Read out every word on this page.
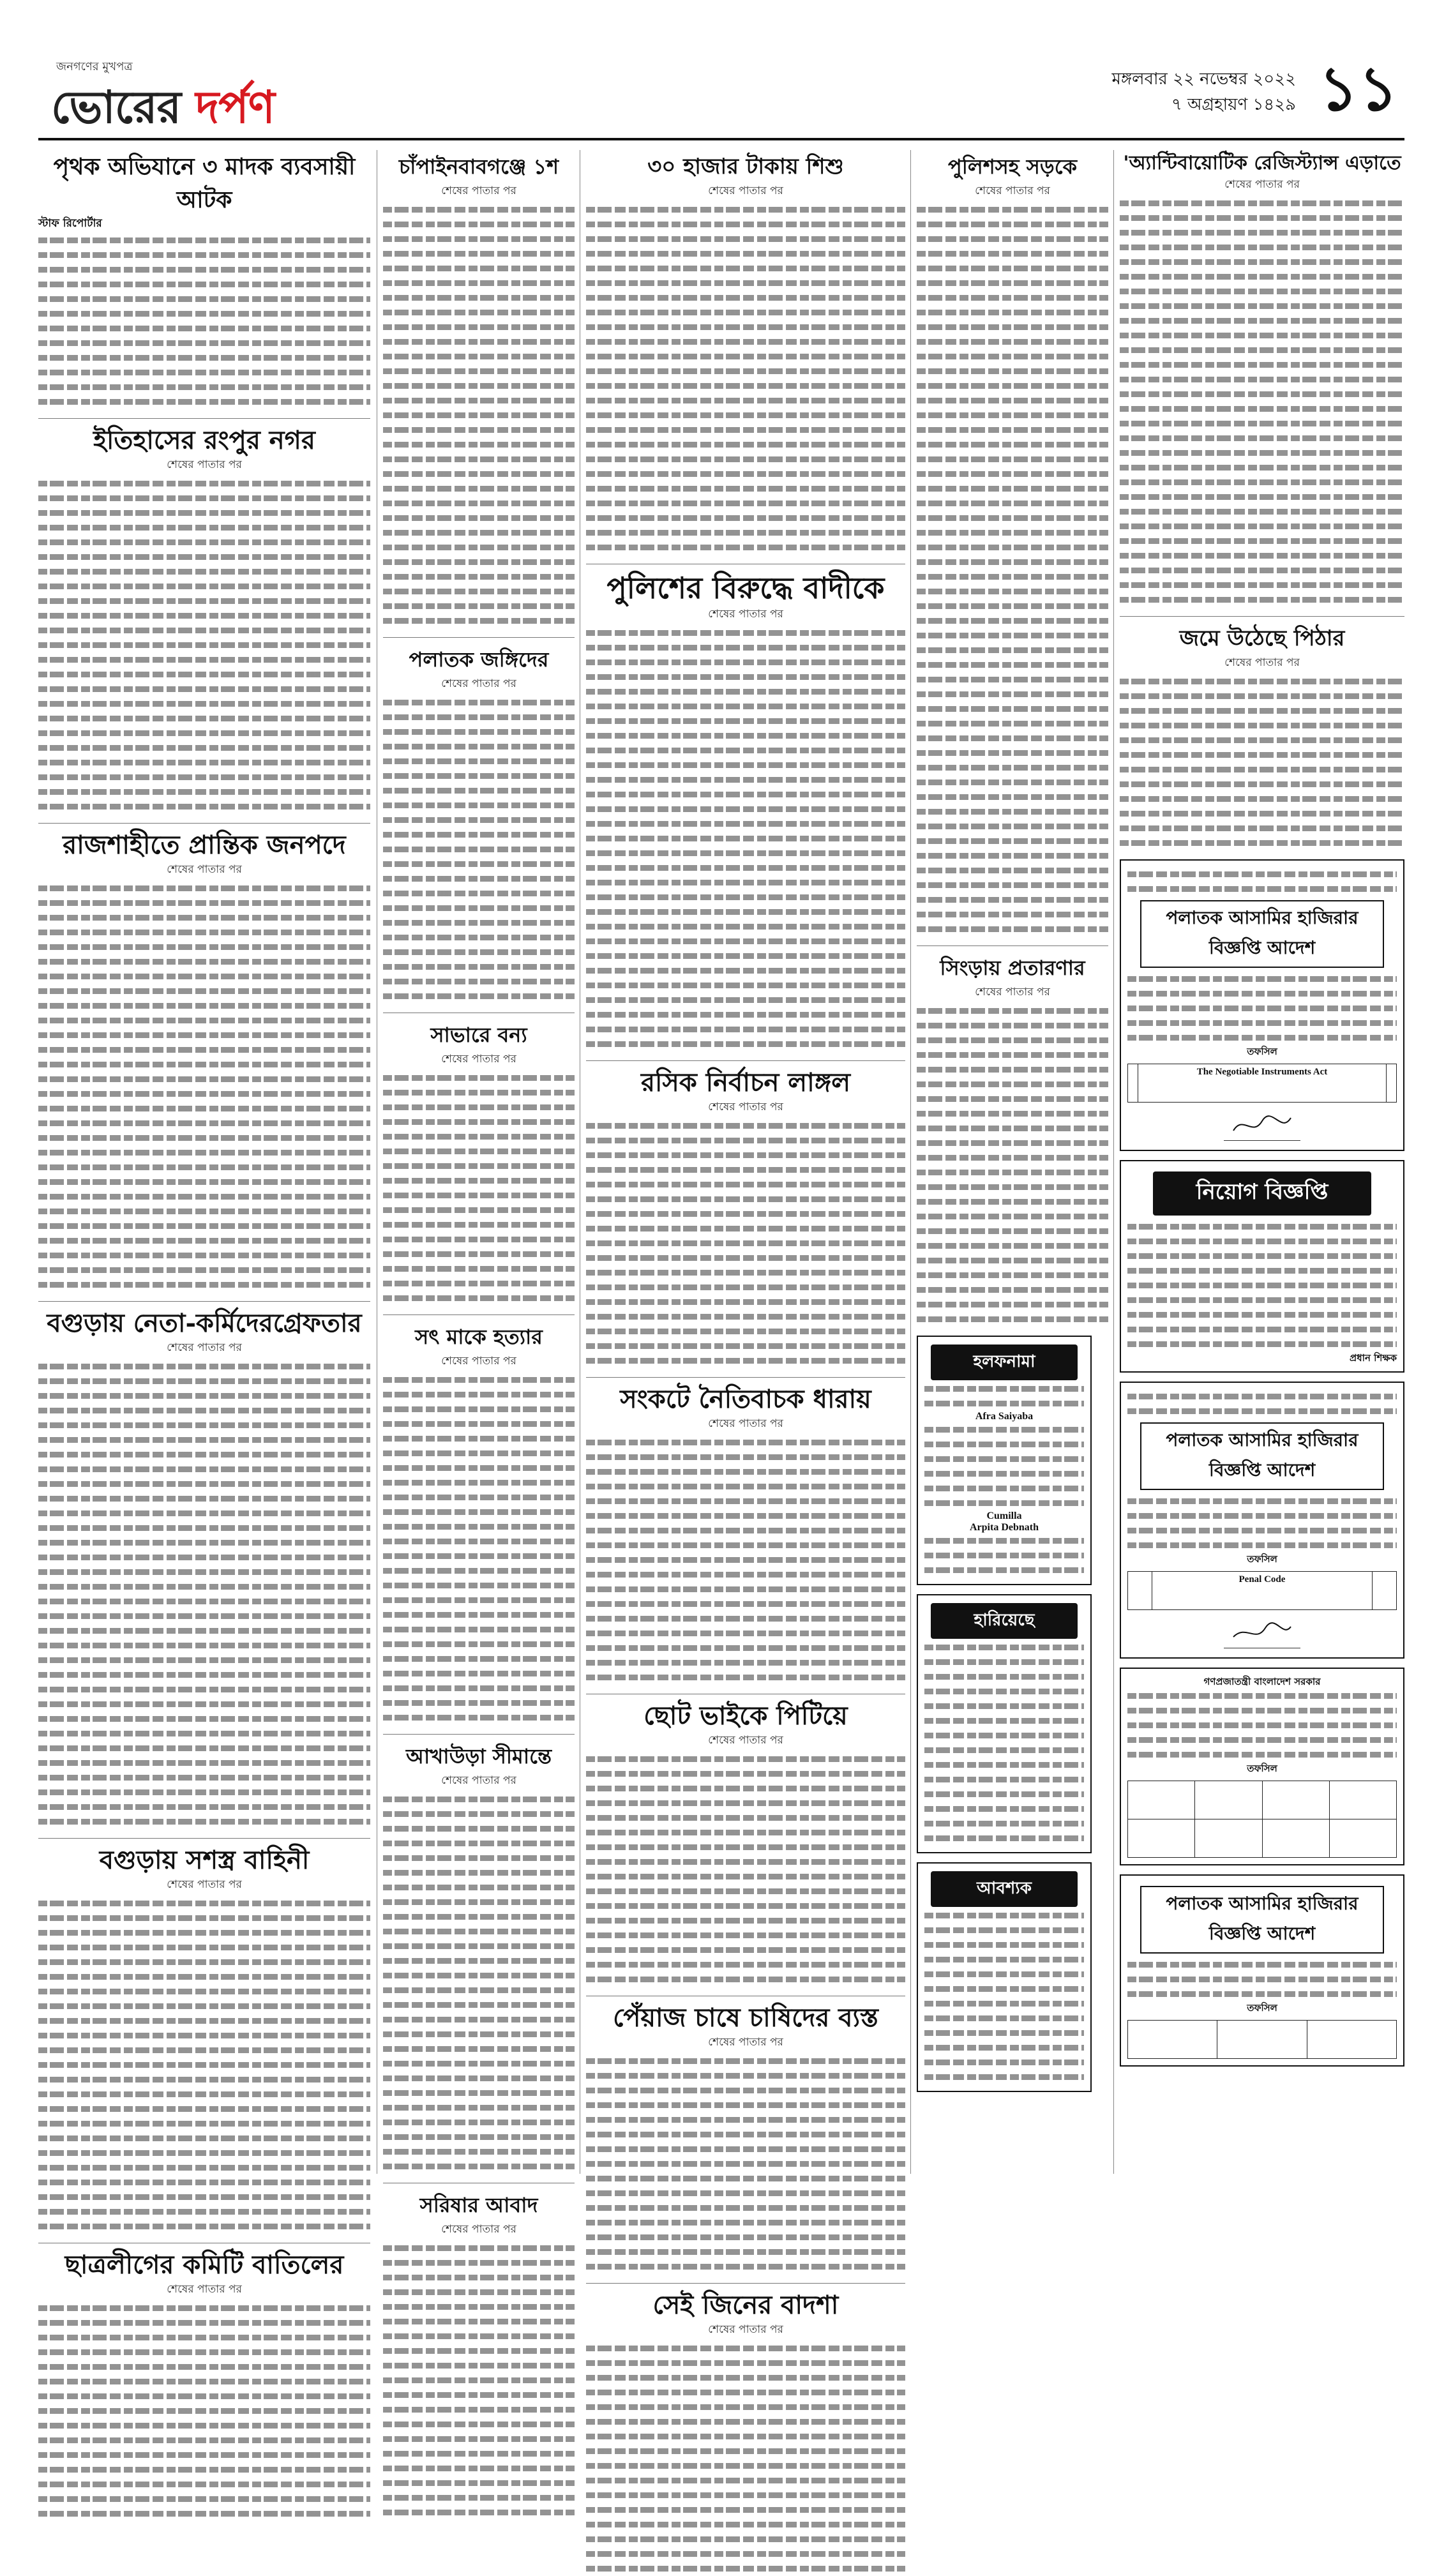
জনগণের মুখপত্র
ভোরের দর্পণ
মঙ্গলবার ২২ নভেম্বর ২০২২
৭ অগ্রহায়ণ ১৪২৯ ১১
পৃথক অভিযানে ৩ মাদক ব্যবসায়ী আটক
স্টাফ রিপোর্টার
ইতিহাসের রংপুর নগর
শেষের পাতার পর
রাজশাহীতে প্রান্তিক জনপদে
শেষের পাতার পর
বগুড়ায় নেতা-কর্মিদেরগ্রেফতার
শেষের পাতার পর
বগুড়ায় সশস্ত্র বাহিনী
শেষের পাতার পর
ছাত্রলীগের কমিটি বাতিলের
শেষের পাতার পর
চাঁপাইনবাবগঞ্জে ১শ
শেষের পাতার পর
পলাতক জঙ্গিদের
শেষের পাতার পর
সাভারে বন্য
শেষের পাতার পর
সৎ মাকে হত্যার
শেষের পাতার পর
আখাউড়া সীমান্তে
শেষের পাতার পর
সরিষার আবাদ
শেষের পাতার পর
৩০ হাজার টাকায় শিশু
শেষের পাতার পর
পুলিশের বিরুদ্ধে বাদীকে
শেষের পাতার পর
রসিক নির্বাচন লাঙ্গল
শেষের পাতার পর
সংকটে নৈতিবাচক ধারায়
শেষের পাতার পর
ছোট ভাইকে পিটিয়ে
শেষের পাতার পর
পেঁয়াজ চাষে চাষিদের ব্যস্ত
শেষের পাতার পর
সেই জিনের বাদশা
শেষের পাতার পর
পুলিশসহ সড়কে
শেষের পাতার পর
সিংড়ায় প্রতারণার
শেষের পাতার পর
হলফনামা
Afra Saiyaba
Cumilla
Arpita Debnath
হারিয়েছে
আবশ্যক
'অ্যান্টিবায়োটিক রেজিস্ট্যান্স এড়াতে
শেষের পাতার পর
জমে উঠেছে পিঠার
শেষের পাতার পর
পলাতক আসামির হাজিরার বিজ্ঞপ্তি আদেশ
তফসিল
	The Negotiable Instruments Act	
নিয়োগ বিজ্ঞপ্তি
প্রধান শিক্ষক
পলাতক আসামির হাজিরার বিজ্ঞপ্তি আদেশ
তফসিল
	Penal Code	
গণপ্রজাতন্ত্রী বাংলাদেশ সরকার
তফসিল

পলাতক আসামির হাজিরার বিজ্ঞপ্তি আদেশ
তফসিল
